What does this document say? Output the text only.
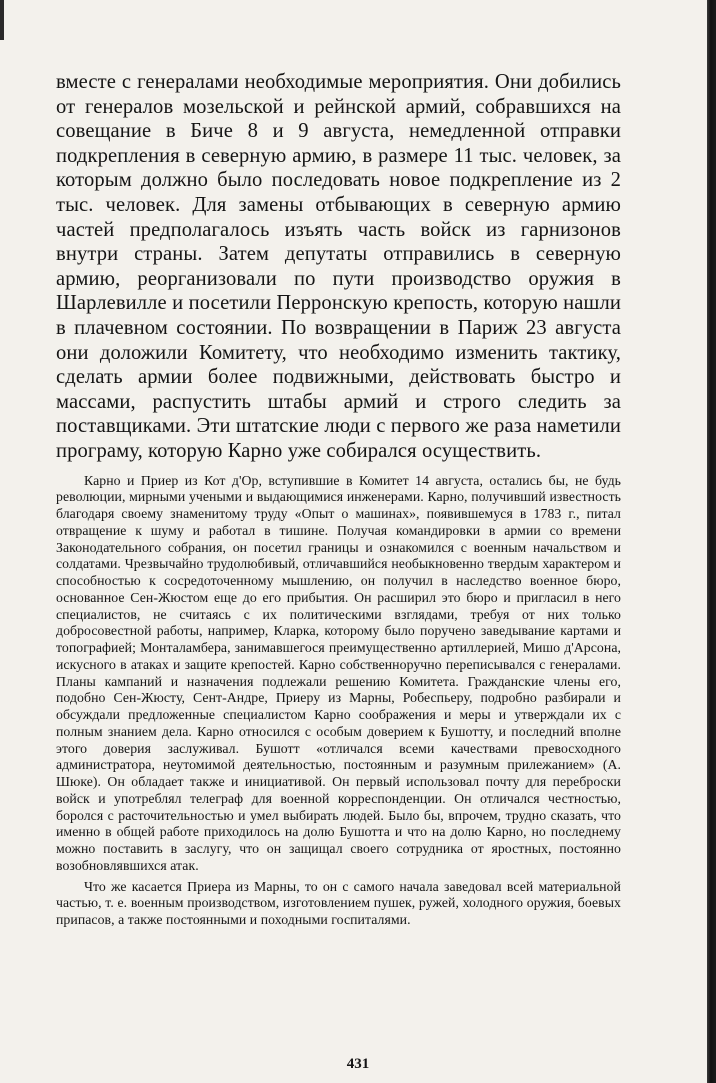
вместе с генералами необходимые мероприятия. Они добились от генералов мозельской и рейнской армий, собравшихся на совещание в Биче 8 и 9 августа, немедленной отправки подкрепления в северную армию, в размере 11 тыс. человек, за которым должно было последовать новое подкрепление из 2 тыс. человек. Для замены отбывающих в северную армию частей предполагалось изъять часть войск из гарнизонов внутри страны. Затем депутаты отправились в северную армию, реорганизовали по пути производство оружия в Шарлевилле и посетили Перронскую крепость, которую нашли в плачевном состоянии. По возвращении в Париж 23 августа они доложили Комитету, что необходимо изменить тактику, сделать армии более подвижными, действовать быстро и массами, распустить штабы армий и строго следить за поставщиками. Эти штатские люди с первого же раза наметили програму, которую Карно уже собирался осуществить.

Карно и Приер из Кот д'Ор, вступившие в Комитет 14 августа, остались бы, не будь революции, мирными учеными и выдающимися инженерами. Карно, получивший известность благодаря своему знаменитому труду «Опыт о машинах», появившемуся в 1783 г., питал отвращение к шуму и работал в тишине. Получая командировки в армии со времени Законодательного собрания, он посетил границы и ознакомился с военным начальством и солдатами. Чрезвычайно трудолюбивый, отличавшийся необыкновенно твердым характером и способностью к сосредоточенному мышлению, он получил в наследство военное бюро, основанное Сен-Жюстом еще до его прибытия. Он расширил это бюро и пригласил в него специалистов, не считаясь с их политическими взглядами, требуя от них только добросовестной работы, например, Кларка, которому было поручено заведывание картами и топографией; Монталамбера, занимавшегося преимущественно артиллерией, Мишо д'Арсона, искусного в атаках и защите крепостей. Карно собственноручно переписывался с генералами. Планы кампаний и назначения подлежали решению Комитета. Гражданские члены его, подобно Сен-Жюсту, Сент-Андре, Приеру из Марны, Робеспьеру, подробно разбирали и обсуждали предложенные специалистом Карно соображения и меры и утверждали их с полным знанием дела. Карно относился с особым доверием к Бушотту, и последний вполне этого доверия заслуживал. Бушотт «отличался всеми качествами превосходного администратора, неутомимой деятельностью, постоянным и разумным прилежанием» (А. Шюке). Он обладает также и инициативой. Он первый использовал почту для переброски войск и употреблял телеграф для военной корреспонденции. Он отличался честностью, боролся с расточительностью и умел выбирать людей. Было бы, впрочем, трудно сказать, что именно в общей работе приходилось на долю Бушотта и что на долю Карно, но последнему можно поставить в заслугу, что он защищал своего сотрудника от яростных, постоянно возобновлявшихся атак.

Что же касается Приера из Марны, то он с самого начала заведовал всей материальной частью, т. е. военным производством, изготовлением пушек, ружей, холодного оружия, боевых припасов, а также постоянными и походными госпиталями.

431
